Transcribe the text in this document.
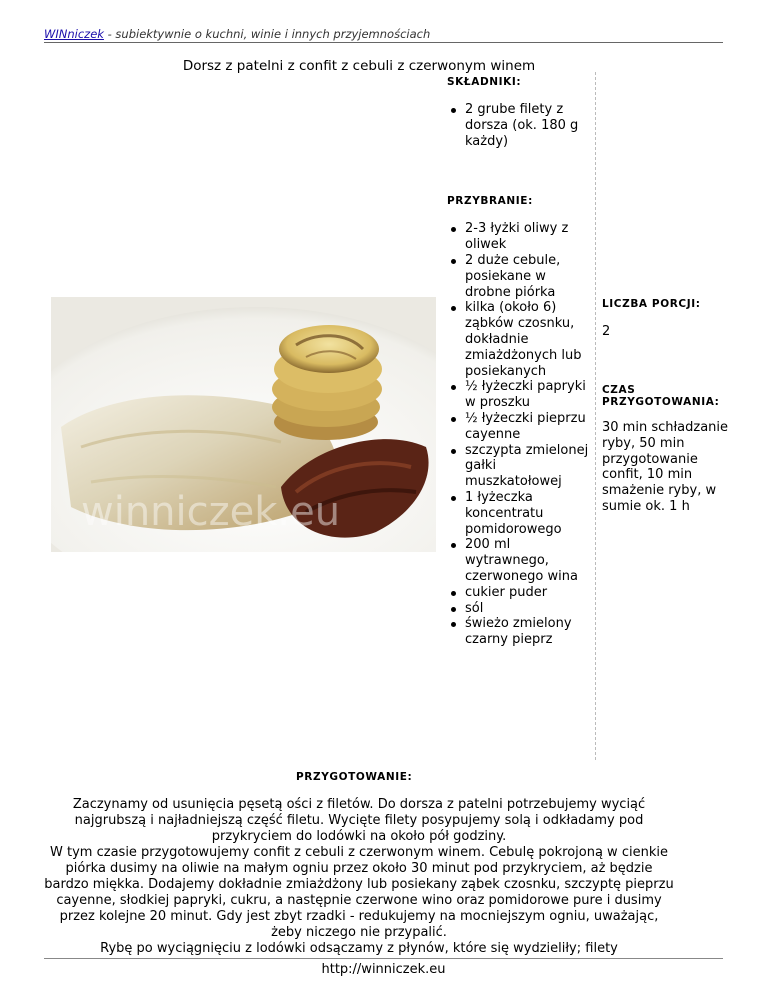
WINniczek - subiektywnie o kuchni, winie i innych przyjemnościach
Dorsz z patelni z confit z cebuli z czerwonym winem
SKŁADNIKI:
2 grube filety z dorsza (ok. 180 g każdy)
PRZYBRANIE:
2-3 łyżki oliwy z oliwek
2 duże cebule, posiekane w drobne piórka
kilka (około 6) ząbków czosnku, dokładnie zmiażdżonych lub posiekanych
½ łyżeczki papryki w proszku
½ łyżeczki pieprzu cayenne
szczypta zmielonej gałki muszkatołowej
1 łyżeczka koncentratu pomidorowego
200 ml wytrawnego, czerwonego wina
cukier puder
sól
świeżo zmielony czarny pieprz
LICZBA PORCJI:
2
CZAS PRZYGOTOWANIA:
30 min schładzanie ryby, 50 min przygotowanie confit, 10 min smażenie ryby, w sumie ok. 1 h
winniczek.eu
PRZYGOTOWANIE:

Zaczynamy od usunięcia pęsetą ości z filetów. Do dorsza z patelni potrzebujemy wyciąć najgrubszą i najładniejszą część filetu. Wycięte filety posypujemy solą i odkładamy pod przykryciem do lodówki na około pół godziny.

W tym czasie przygotowujemy confit z cebuli z czerwonym winem. Cebulę pokrojoną w cienkie piórka dusimy na oliwie na małym ogniu przez około 30 minut pod przykryciem, aż będzie bardzo miękka. Dodajemy dokładnie zmiażdżony lub posiekany ząbek czosnku, szczyptę pieprzu cayenne, słodkiej papryki, cukru, a następnie czerwone wino oraz pomidorowe pure i dusimy przez kolejne 20 minut. Gdy jest zbyt rzadki - redukujemy na mocniejszym ogniu, uważając, żeby niczego nie przypalić.

Rybę po wyciągnięciu z lodówki odsączamy z płynów, które się wydzieliły; filety

http://winniczek.eu
